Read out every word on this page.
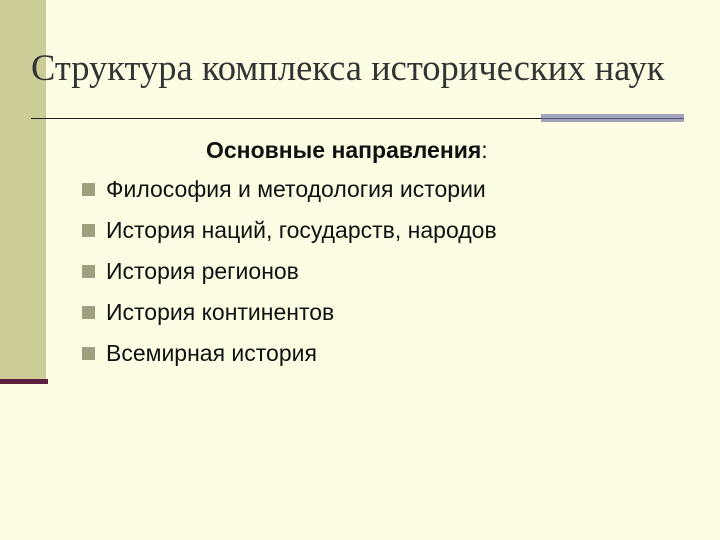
Структура комплекса исторических наук
Основные направления:
Философия и методология истории
История наций, государств, народов
История регионов
История континентов
Всемирная история
